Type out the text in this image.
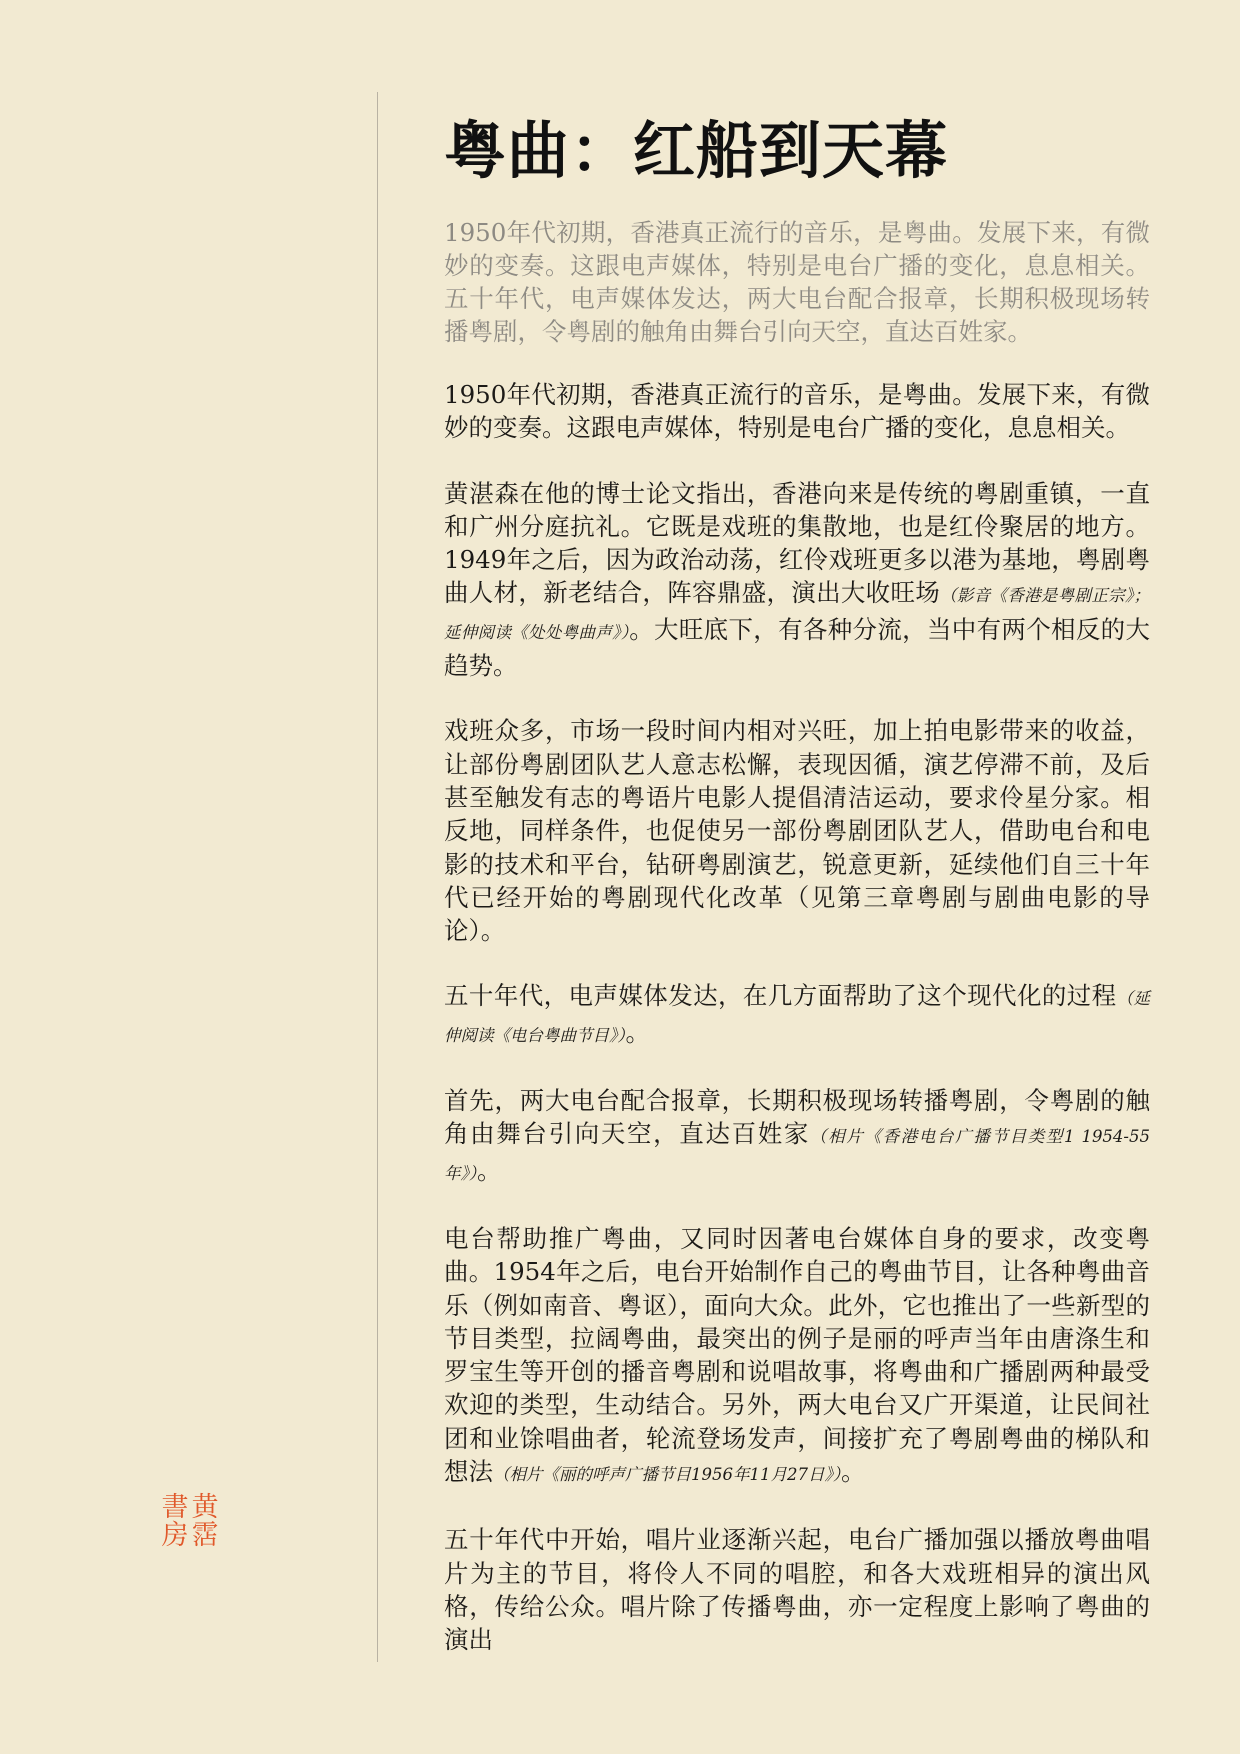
書
房
黄
霑
粤曲：红船到天幕

1950年代初期，香港真正流行的音乐，是粤曲。发展下来，有微妙的变奏。这跟电声媒体，特别是电台广播的变化，息息相关。五十年代，电声媒体发达，两大电台配合报章，长期积极现场转播粤剧，令粤剧的触角由舞台引向天空，直达百姓家。

1950年代初期，香港真正流行的音乐，是粤曲。发展下来，有微妙的变奏。这跟电声媒体，特别是电台广播的变化，息息相关。

黄湛森在他的博士论文指出，香港向来是传统的粤剧重镇，一直和广州分庭抗礼。它既是戏班的集散地，也是红伶聚居的地方。1949年之后，因为政治动荡，红伶戏班更多以港为基地，粤剧粤曲人材，新老结合，阵容鼎盛，演出大收旺场（影音《香港是粤剧正宗》；延伸阅读《处处粤曲声》）。大旺底下，有各种分流，当中有两个相反的大趋势。

戏班众多，市场一段时间内相对兴旺，加上拍电影带来的收益，让部份粤剧团队艺人意志松懈，表现因循，演艺停滞不前，及后甚至触发有志的粤语片电影人提倡清洁运动，要求伶星分家。相反地，同样条件，也促使另一部份粤剧团队艺人，借助电台和电影的技术和平台，钻研粤剧演艺，锐意更新，延续他们自三十年代已经开始的粤剧现代化改革（见第三章粤剧与剧曲电影的导论）。

五十年代，电声媒体发达，在几方面帮助了这个现代化的过程（延伸阅读《电台粤曲节目》）。

首先，两大电台配合报章，长期积极现场转播粤剧，令粤剧的触角由舞台引向天空，直达百姓家（相片《香港电台广播节目类型1 1954-55年》）。

电台帮助推广粤曲，又同时因著电台媒体自身的要求，改变粤曲。1954年之后，电台开始制作自己的粤曲节目，让各种粤曲音乐（例如南音、粤讴），面向大众。此外，它也推出了一些新型的节目类型，拉阔粤曲，最突出的例子是丽的呼声当年由唐涤生和罗宝生等开创的播音粤剧和说唱故事，将粤曲和广播剧两种最受欢迎的类型，生动结合。另外，两大电台又广开渠道，让民间社团和业馀唱曲者，轮流登场发声，间接扩充了粤剧粤曲的梯队和想法（相片《丽的呼声广播节目1956年11月27日》）。

五十年代中开始，唱片业逐渐兴起，电台广播加强以播放粤曲唱片为主的节目，将伶人不同的唱腔，和各大戏班相异的演出风格，传给公众。唱片除了传播粤曲，亦一定程度上影响了粤曲的演出
